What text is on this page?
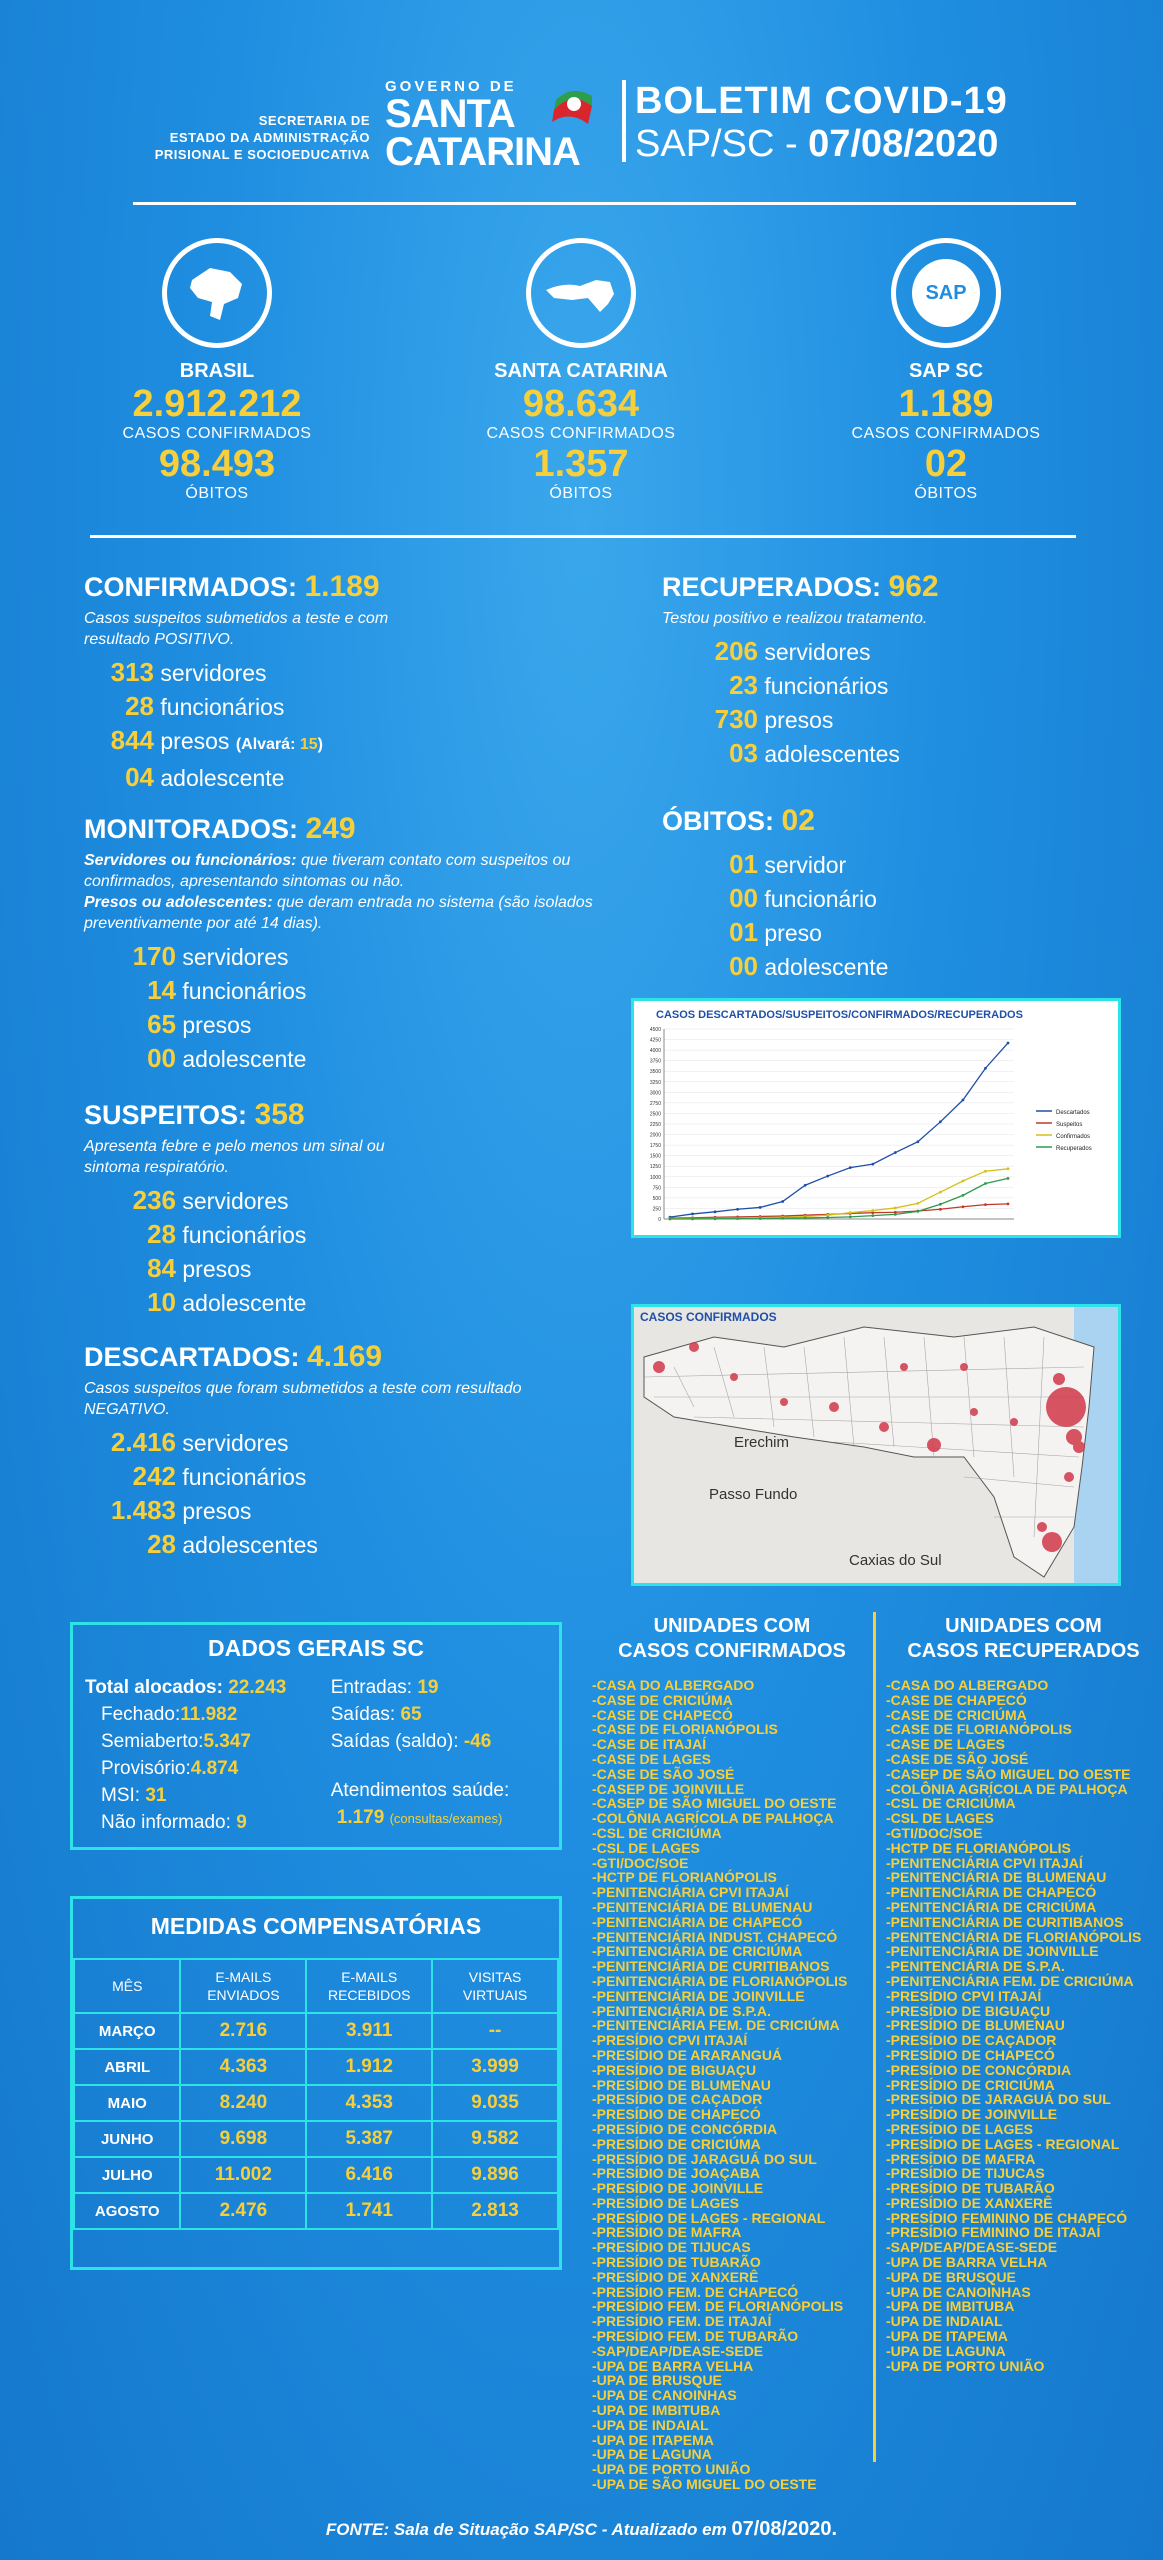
SECRETARIA DE
ESTADO DA ADMINISTRAÇÃO
PRISIONAL E SOCIOEDUCATIVA
GOVERNO DE
SANTA
CATARINA
BOLETIM COVID-19
SAP/SC - 07/08/2020
BRASIL
2.912.212
CASOS CONFIRMADOS
98.493
ÓBITOS
SANTA CATARINA
98.634
CASOS CONFIRMADOS
1.357
ÓBITOS
SAP
SAP SC
1.189
CASOS CONFIRMADOS
02
ÓBITOS
CONFIRMADOS: 1.189
Casos suspeitos submetidos a teste e com resultado POSITIVO.
313 servidores
28 funcionários
844 presos (Alvará: 15)
04 adolescente
MONITORADOS: 249
Servidores ou funcionários: que tiveram contato com suspeitos ou confirmados, apresentando sintomas ou não.
Presos ou adolescentes: que deram entrada no sistema (são isolados preventivamente por até 14 dias).
170 servidores
14 funcionários
65 presos
00 adolescente
SUSPEITOS: 358
Apresenta febre e pelo menos um sinal ou sintoma respiratório.
236 servidores
28 funcionários
84 presos
10 adolescente
DESCARTADOS: 4.169
Casos suspeitos que foram submetidos a teste com resultado NEGATIVO.
2.416 servidores
242 funcionários
1.483 presos
28 adolescentes
RECUPERADOS: 962
Testou positivo e realizou tratamento.
206 servidores
23 funcionários
730 presos
03 adolescentes
ÓBITOS: 02
01 servidor
00 funcionário
01 preso
00 adolescente
CASOS DESCARTADOS/SUSPEITOS/CONFIRMADOS/RECUPERADOS
0
250
500
750
1000
1250
1500
1750
2000
2250
2500
2750
3000
3250
3500
3750
4000
4250
4500
Descartados
Suspeitos
Confirmados
Recuperados
CASOS CONFIRMADOS
Erechim
Passo Fundo
Caxias do Sul
DADOS GERAIS SC
Total alocados: 22.243
Fechado:11.982
Semiaberto:5.347
Provisório:4.874
MSI: 31
Não informado: 9
Entradas: 19
Saídas: 65
Saídas (saldo): -46
Atendimentos saúde:
1.179 (consultas/exames)
MEDIDAS COMPENSATÓRIAS
MÊS	E-MAILS ENVIADOS	E-MAILS RECEBIDOS	VISITAS VIRTUAIS
MARÇO	2.716	3.911	--
ABRIL	4.363	1.912	3.999
MAIO	8.240	4.353	9.035
JUNHO	9.698	5.387	9.582
JULHO	11.002	6.416	9.896
AGOSTO	2.476	1.741	2.813
UNIDADES COM
CASOS CONFIRMADOS
-CASA DO ALBERGADO
-CASE DE CRICIÚMA
-CASE DE CHAPECÓ
-CASE DE FLORIANÓPOLIS
-CASE DE ITAJAÍ
-CASE DE LAGES
-CASE DE SÃO JOSÉ
-CASEP DE JOINVILLE
-CASEP DE SÃO MIGUEL DO OESTE
-COLÔNIA AGRÍCOLA DE PALHOÇA
-CSL DE CRICIÚMA
-CSL DE LAGES
-GTI/DOC/SOE
-HCTP DE FLORIANÓPOLIS
-PENITENCIÁRIA CPVI ITAJAÍ
-PENITENCIÁRIA DE BLUMENAU
-PENITENCIÁRIA DE CHAPECÓ
-PENITENCIÁRIA INDUST. CHAPECÓ
-PENITENCIÁRIA DE CRICIÚMA
-PENITENCIÁRIA DE CURITIBANOS
-PENITENCIÁRIA DE FLORIANÓPOLIS
-PENITENCIÁRIA DE JOINVILLE
-PENITENCIÁRIA DE S.P.A.
-PENITENCIÁRIA FEM. DE CRICIÚMA
-PRESÍDIO CPVI ITAJAÍ
-PRESÍDIO DE ARARANGUÁ
-PRESÍDIO DE BIGUAÇU
-PRESÍDIO DE BLUMENAU
-PRESÍDIO DE CAÇADOR
-PRESÍDIO DE CHAPECÓ
-PRESÍDIO DE CONCÓRDIA
-PRESÍDIO DE CRICIÚMA
-PRESÍDIO DE JARAGUÁ DO SUL
-PRESÍDIO DE JOAÇABA
-PRESÍDIO DE JOINVILLE
-PRESÍDIO DE LAGES
-PRESÍDIO DE LAGES - REGIONAL
-PRESÍDIO DE MAFRA
-PRESÍDIO DE TIJUCAS
-PRESÍDIO DE TUBARÃO
-PRESÍDIO DE XANXERÊ
-PRESÍDIO FEM. DE CHAPECÓ
-PRESÍDIO FEM. DE FLORIANÓPOLIS
-PRESÍDIO FEM. DE ITAJAÍ
-PRESÍDIO FEM. DE TUBARÃO
-SAP/DEAP/DEASE-SEDE
-UPA DE BARRA VELHA
-UPA DE BRUSQUE
-UPA DE CANOINHAS
-UPA DE IMBITUBA
-UPA DE INDAIAL
-UPA DE ITAPEMA
-UPA DE LAGUNA
-UPA DE PORTO UNIÃO
-UPA DE SÃO MIGUEL DO OESTE
UNIDADES COM
CASOS RECUPERADOS
-CASA DO ALBERGADO
-CASE DE CHAPECÓ
-CASE DE CRICIÚMA
-CASE DE FLORIANÓPOLIS
-CASE DE LAGES
-CASE DE SÃO JOSÉ
-CASEP DE SÃO MIGUEL DO OESTE
-COLÔNIA AGRÍCOLA DE PALHOÇA
-CSL DE CRICIÚMA
-CSL DE LAGES
-GTI/DOC/SOE
-HCTP DE FLORIANÓPOLIS
-PENITENCIÁRIA CPVI ITAJAÍ
-PENITENCIÁRIA DE BLUMENAU
-PENITENCIÁRIA DE CHAPECÓ
-PENITENCIÁRIA DE CRICIÚMA
-PENITENCIÁRIA DE CURITIBANOS
-PENITENCIÁRIA DE FLORIANÓPOLIS
-PENITENCIÁRIA DE JOINVILLE
-PENITENCIÁRIA DE S.P.A.
-PENITENCIÁRIA FEM. DE CRICIÚMA
-PRESÍDIO CPVI ITAJAÍ
-PRESÍDIO DE BIGUAÇU
-PRESÍDIO DE BLUMENAU
-PRESÍDIO DE CAÇADOR
-PRESÍDIO DE CHAPECÓ
-PRESÍDIO DE CONCÓRDIA
-PRESÍDIO DE CRICIÚMA
-PRESÍDIO DE JARAGUÁ DO SUL
-PRESÍDIO DE JOINVILLE
-PRESÍDIO DE LAGES
-PRESÍDIO DE LAGES - REGIONAL
-PRESÍDIO DE MAFRA
-PRESÍDIO DE TIJUCAS
-PRESÍDIO DE TUBARÃO
-PRESÍDIO DE XANXERÊ
-PRESÍDIO FEMININO DE CHAPECÓ
-PRESÍDIO FEMININO DE ITAJAÍ
-SAP/DEAP/DEASE-SEDE
-UPA DE BARRA VELHA
-UPA DE BRUSQUE
-UPA DE CANOINHAS
-UPA DE IMBITUBA
-UPA DE INDAIAL
-UPA DE ITAPEMA
-UPA DE LAGUNA
-UPA DE PORTO UNIÃO
FONTE: Sala de Situação SAP/SC - Atualizado em 07/08/2020.
